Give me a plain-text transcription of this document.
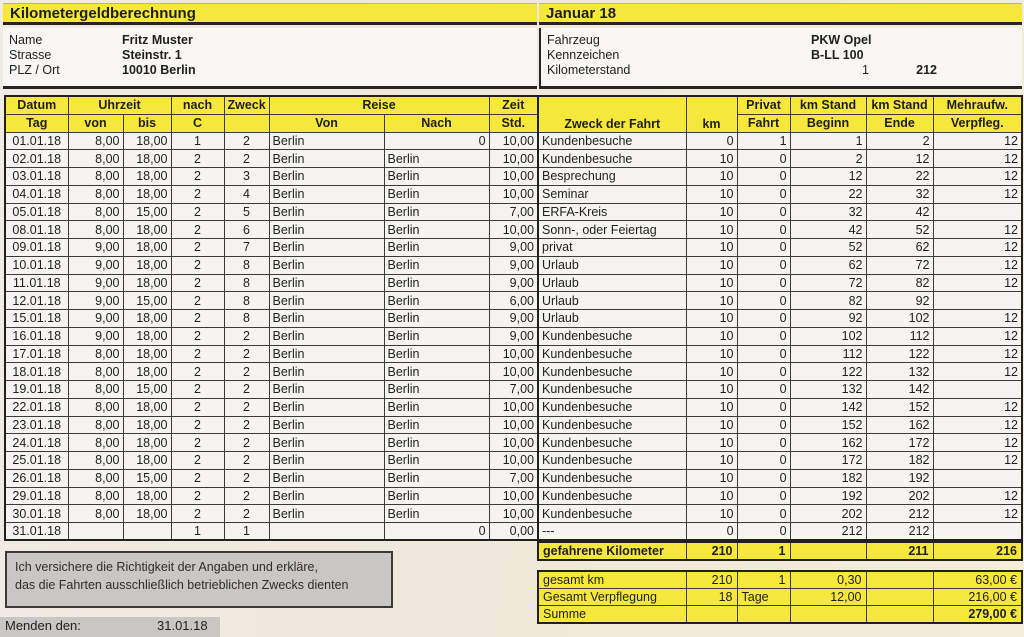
Kilometergeldberechnung	Januar 18
Name	Fritz Muster
Strasse	Steinstr. 1
PLZ / Ort	10010 Berlin
Fahrzeug	PKW Opel
Kennzeichen	B-LL 100
Kilometerstand	1	212
Datum	Uhrzeit		nach	Zweck	Reise		Zeit	Zweck der Fahrt	km	Privat	km Stand	km Stand	Mehraufw.
Tag	von	bis	C		Von	Nach	Std.			Fahrt	Beginn	Ende	Verpfleg.
01.01.18	8,00	18,00	1	2	Berlin	0	10,00	Kundenbesuche	0	1	1	2	12
02.01.18	8,00	18,00	2	2	Berlin	Berlin	10,00	Kundenbesuche	10	0	2	12	12
03.01.18	8,00	18,00	2	3	Berlin	Berlin	10,00	Besprechung	10	0	12	22	12
04.01.18	8,00	18,00	2	4	Berlin	Berlin	10,00	Seminar	10	0	22	32	12
05.01.18	8,00	15,00	2	5	Berlin	Berlin	7,00	ERFA-Kreis	10	0	32	42	
08.01.18	8,00	18,00	2	6	Berlin	Berlin	10,00	Sonn-, oder Feiertag	10	0	42	52	12
09.01.18	9,00	18,00	2	7	Berlin	Berlin	9,00	privat	10	0	52	62	12
10.01.18	9,00	18,00	2	8	Berlin	Berlin	9,00	Urlaub	10	0	62	72	12
11.01.18	9,00	18,00	2	8	Berlin	Berlin	9,00	Urlaub	10	0	72	82	12
12.01.18	9,00	15,00	2	8	Berlin	Berlin	6,00	Urlaub	10	0	82	92	
15.01.18	9,00	18,00	2	8	Berlin	Berlin	9,00	Urlaub	10	0	92	102	12
16.01.18	9,00	18,00	2	2	Berlin	Berlin	9,00	Kundenbesuche	10	0	102	112	12
17.01.18	8,00	18,00	2	2	Berlin	Berlin	10,00	Kundenbesuche	10	0	112	122	12
18.01.18	8,00	18,00	2	2	Berlin	Berlin	10,00	Kundenbesuche	10	0	122	132	12
19.01.18	8,00	15,00	2	2	Berlin	Berlin	7,00	Kundenbesuche	10	0	132	142	
22.01.18	8,00	18,00	2	2	Berlin	Berlin	10,00	Kundenbesuche	10	0	142	152	12
23.01.18	8,00	18,00	2	2	Berlin	Berlin	10,00	Kundenbesuche	10	0	152	162	12
24.01.18	8,00	18,00	2	2	Berlin	Berlin	10,00	Kundenbesuche	10	0	162	172	12
25.01.18	8,00	18,00	2	2	Berlin	Berlin	10,00	Kundenbesuche	10	0	172	182	12
26.01.18	8,00	15,00	2	2	Berlin	Berlin	7,00	Kundenbesuche	10	0	182	192	
29.01.18	8,00	18,00	2	2	Berlin	Berlin	10,00	Kundenbesuche	10	0	192	202	12
30.01.18	8,00	18,00	2	2	Berlin	Berlin	10,00	Kundenbesuche	10	0	202	212	12
31.01.18			1	1		0	0,00	---	0	0	212	212	
gefahrene Kilometer	210	1		211	216
gesamt km	210	1	0,30		63,00 €
Gesamt Verpflegung	18	Tage	12,00		216,00 €
Summe					279,00 €
Ich versichere die Richtigkeit der Angaben und erkläre,
das die Fahrten ausschließlich betrieblichen Zwecks dienten
Menden den:	31.01.18
